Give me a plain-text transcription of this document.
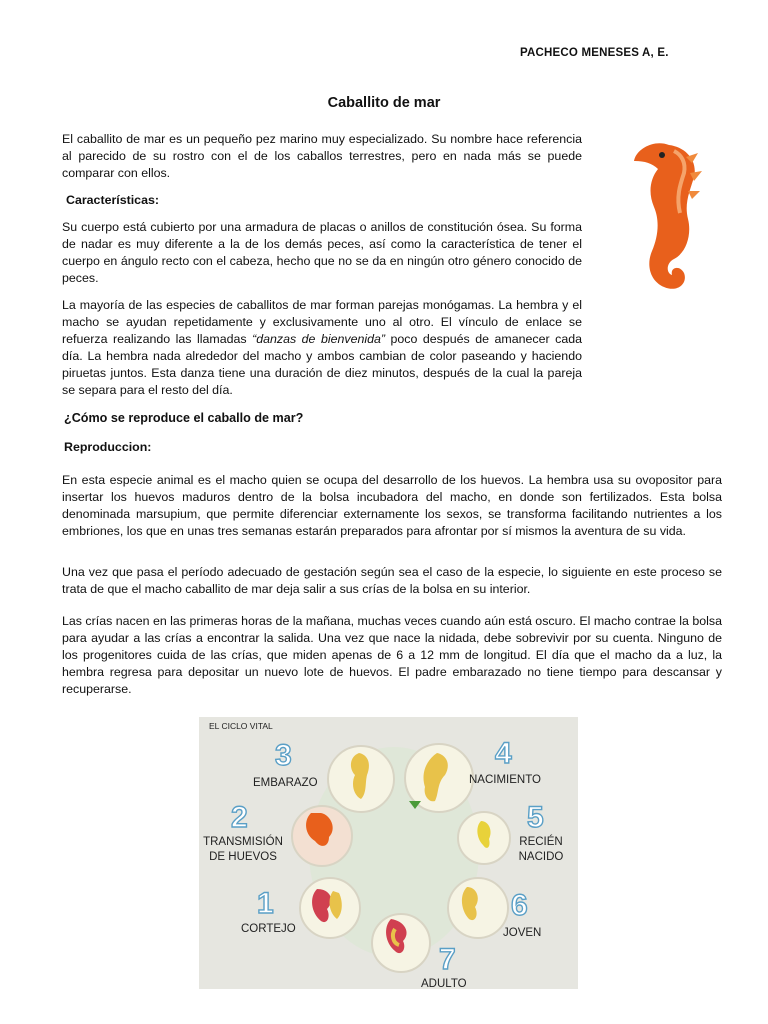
PACHECO MENESES A, E.
Caballito de mar

El caballito de mar es un pequeño pez marino muy especializado. Su nombre hace referencia al parecido de su rostro con el de los caballos terrestres, pero en nada más se puede comparar con ellos.

Características:

Su cuerpo está cubierto por una armadura de placas o anillos de constitución ósea. Su forma de nadar es muy diferente a la de los demás peces, así como la característica de tener el cuerpo en ángulo recto con el cabeza, hecho que no se da en ningún otro género conocido de peces.

La mayoría de las especies de caballitos de mar forman parejas monógamas. La hembra y el macho se ayudan repetidamente y exclusivamente uno al otro. El vínculo de enlace se refuerza realizando las llamadas “danzas de bienvenida” poco después de amanecer cada día. La hembra nada alrededor del macho y ambos cambian de color paseando y haciendo piruetas juntos. Esta danza tiene una duración de diez minutos, después de la cual la pareja se separa para el resto del día.

¿Cómo se reproduce el caballo de mar?

Reproduccion:

En esta especie animal es el macho quien se ocupa del desarrollo de los huevos. La hembra usa su ovopositor para insertar los huevos maduros dentro de la bolsa incubadora del macho, en donde son fertilizados. Esta bolsa denominada marsupium, que permite diferenciar externamente los sexos, se transforma facilitando nutrientes a los embriones, los que en unas tres semanas estarán preparados para afrontar por sí mismos la aventura de su vida.

Una vez que pasa el período adecuado de gestación según sea el caso de la especie, lo siguiente en este proceso se trata de que el macho caballito de mar deja salir a sus crías de la bolsa en su interior.

Las crías nacen en las primeras horas de la mañana, muchas veces cuando aún está oscuro. El macho contrae la bolsa para ayudar a las crías a encontrar la salida. Una vez que nace la nidada, debe sobrevivir por su cuenta. Ninguno de los progenitores cuida de las crías, que miden apenas de 6 a 12 mm de longitud. El día que el macho da a luz, la hembra regresa para depositar un nuevo lote de huevos. El padre embarazado no tiene tiempo para descansar y recuperarse.

EL CICLO VITAL
3
EMBARAZO
4
NACIMIENTO
2
TRANSMISIÓN DE HUEVOS
5
RECIÉN NACIDO
1
CORTEJO
6
JOVEN
7
ADULTO
